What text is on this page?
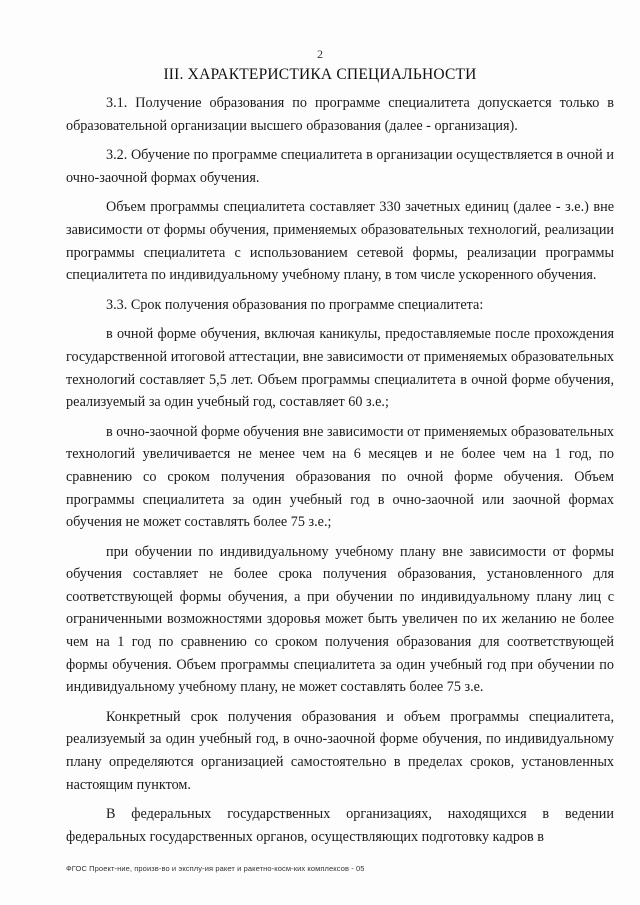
2
III. ХАРАКТЕРИСТИКА СПЕЦИАЛЬНОСТИ

3.1. Получение образования по программе специалитета допускается только в образовательной организации высшего образования (далее - организация).

3.2. Обучение по программе специалитета в организации осуществляется в очной и очно-заочной формах обучения.

Объем программы специалитета составляет 330 зачетных единиц (далее - з.е.) вне зависимости от формы обучения, применяемых образовательных технологий, реализации программы специалитета с использованием сетевой формы, реализации программы специалитета по индивидуальному учебному плану, в том числе ускоренного обучения.

3.3. Срок получения образования по программе специалитета:

в очной форме обучения, включая каникулы, предоставляемые после прохождения государственной итоговой аттестации, вне зависимости от применяемых образовательных технологий составляет 5,5 лет. Объем программы специалитета в очной форме обучения, реализуемый за один учебный год, составляет 60 з.е.;

в очно-заочной форме обучения вне зависимости от применяемых образовательных технологий увеличивается не менее чем на 6 месяцев и не более чем на 1 год, по сравнению со сроком получения образования по очной форме обучения. Объем программы специалитета за один учебный год в очно-заочной или заочной формах обучения не может составлять более 75 з.е.;

при обучении по индивидуальному учебному плану вне зависимости от формы обучения составляет не более срока получения образования, установленного для соответствующей формы обучения, а при обучении по индивидуальному плану лиц с ограниченными возможностями здоровья может быть увеличен по их желанию не более чем на 1 год по сравнению со сроком получения образования для соответствующей формы обучения. Объем программы специалитета за один учебный год при обучении по индивидуальному учебному плану, не может составлять более 75 з.е.

Конкретный срок получения образования и объем программы специалитета, реализуемый за один учебный год, в очно-заочной форме обучения, по индивидуальному плану определяются организацией самостоятельно в пределах сроков, установленных настоящим пунктом.

В федеральных государственных организациях, находящихся в ведении федеральных государственных органов, осуществляющих подготовку кадров в

ФГОС Проект-ние, произв-во и эксплу-ия ракет и ракетно-косм-ких комплексов - 05
